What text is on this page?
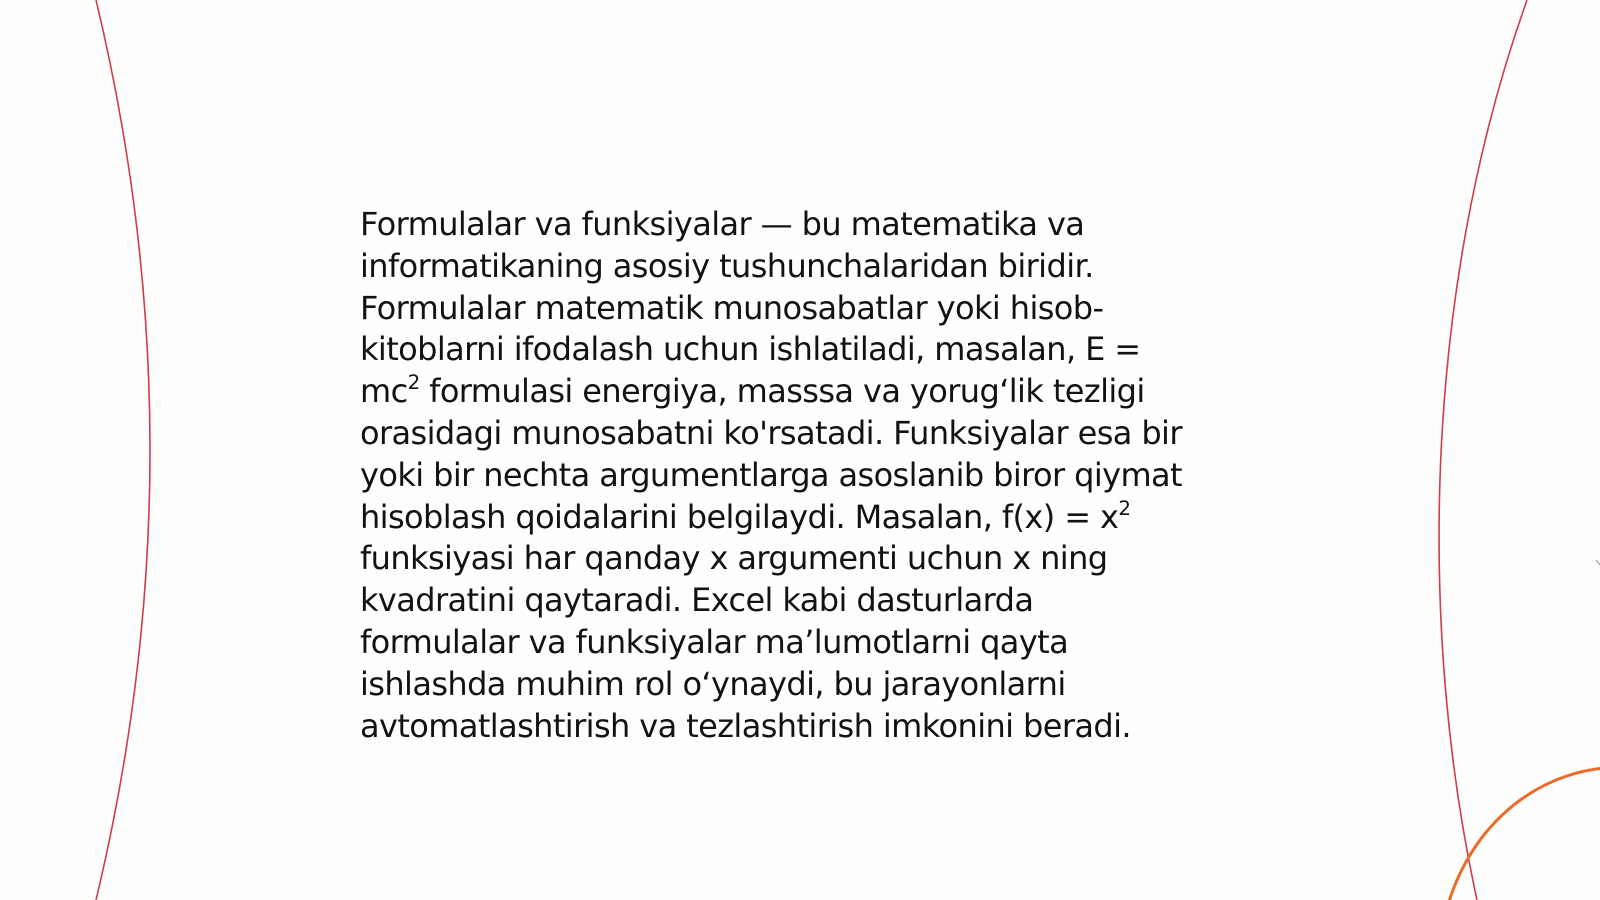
Formulalar va funksiyalar — bu matematika va
informatikaning asosiy tushunchalaridan biridir.
Formulalar matematik munosabatlar yoki hisob-
kitoblarni ifodalash uchun ishlatiladi, masalan, E =
$mc^2$ formulasi energiya, masssa va yorugʻlik tezligi
orasidagi munosabatni ko'rsatadi. Funksiyalar esa bir
yoki bir nechta argumentlarga asoslanib biror qiymat
hisoblash qoidalarini belgilaydi. Masalan, $f(x) = x^2$
funksiyasi har qanday x argumenti uchun x ning
kvadratini qaytaradi. Excel kabi dasturlarda
formulalar va funksiyalar maʼlumotlarni qayta
ishlashda muhim rol oʻynaydi, bu jarayonlarni
avtomatlashtirish va tezlashtirish imkonini beradi.
